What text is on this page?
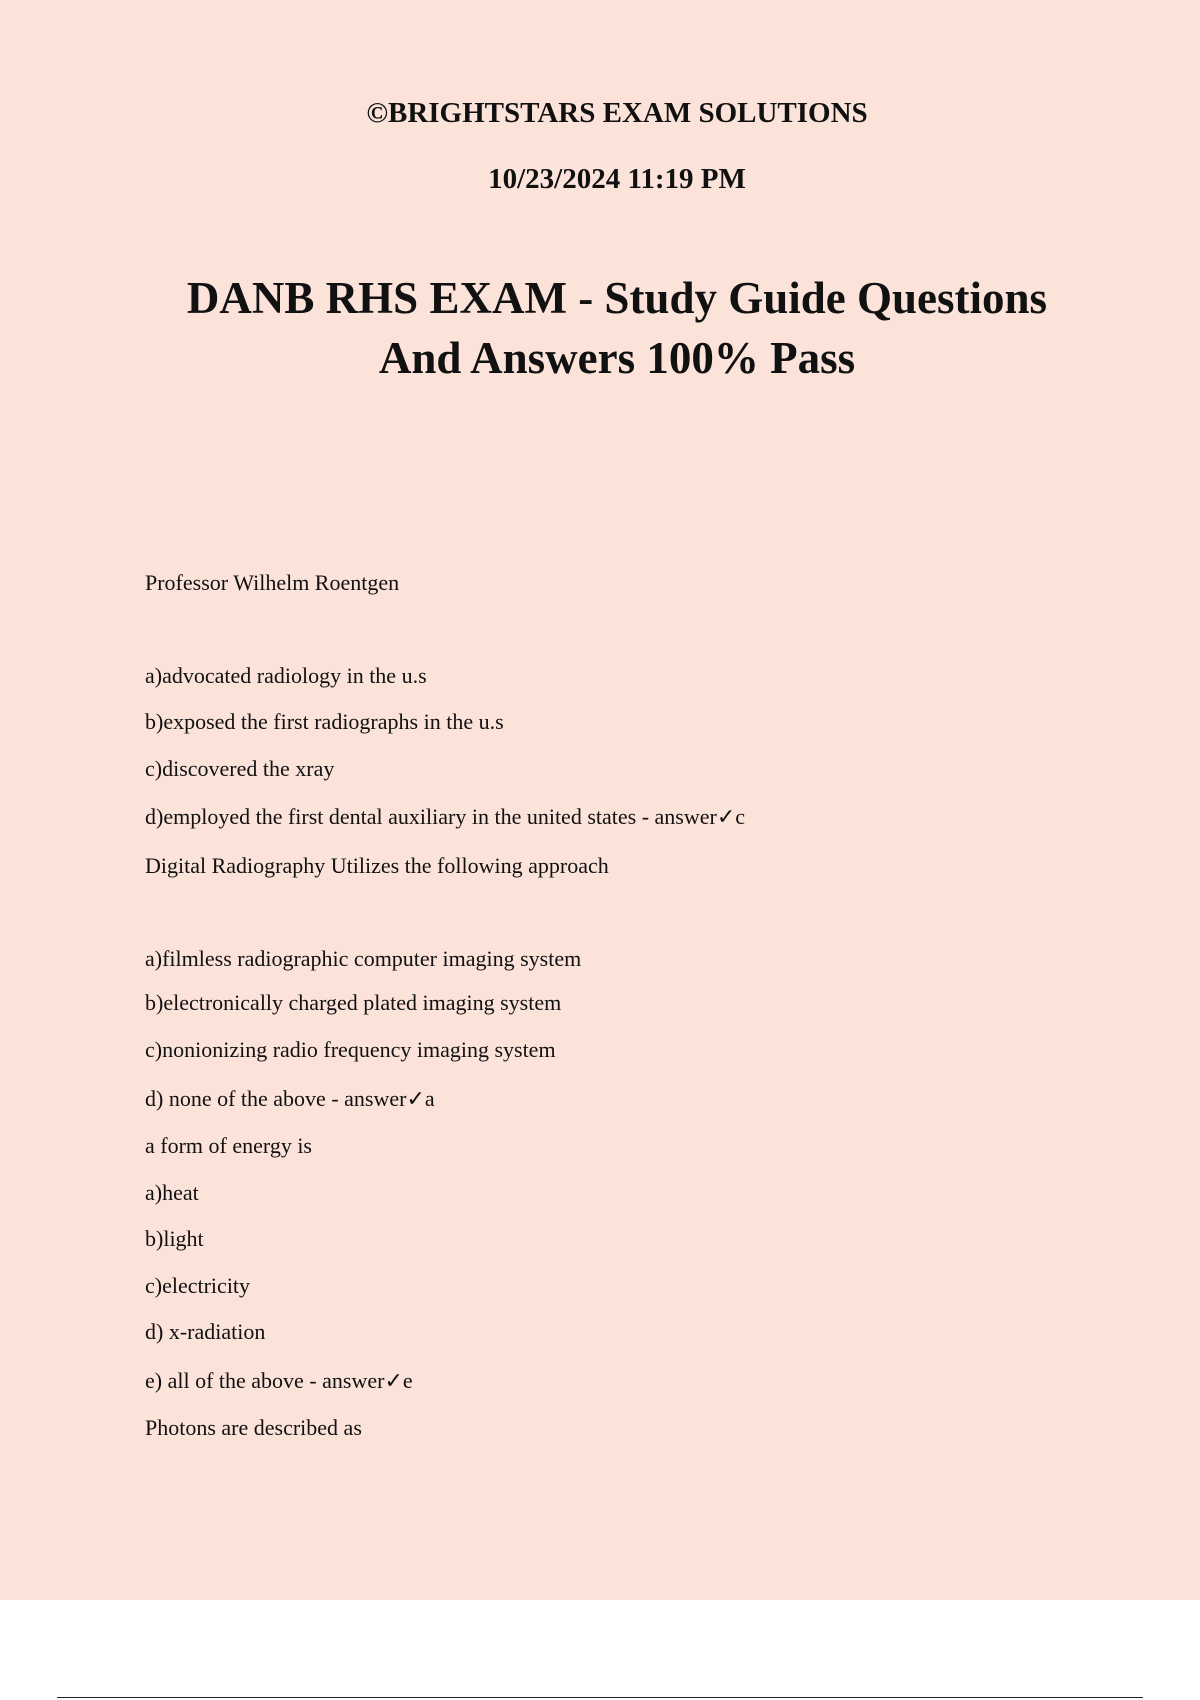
©BRIGHTSTARS EXAM SOLUTIONS
10/23/2024 11:19 PM
DANB RHS EXAM - Study Guide Questions
And Answers 100% Pass
Professor Wilhelm Roentgen
a)advocated radiology in the u.s
b)exposed the first radiographs in the u.s
c)discovered the xray
d)employed the first dental auxiliary in the united states - answer✓c
Digital Radiography Utilizes the following approach
a)filmless radiographic computer imaging system
b)electronically charged plated imaging system
c)nonionizing radio frequency imaging system
d) none of the above - answer✓a
a form of energy is
a)heat
b)light
c)electricity
d) x-radiation
e) all of the above - answer✓e
Photons are described as
